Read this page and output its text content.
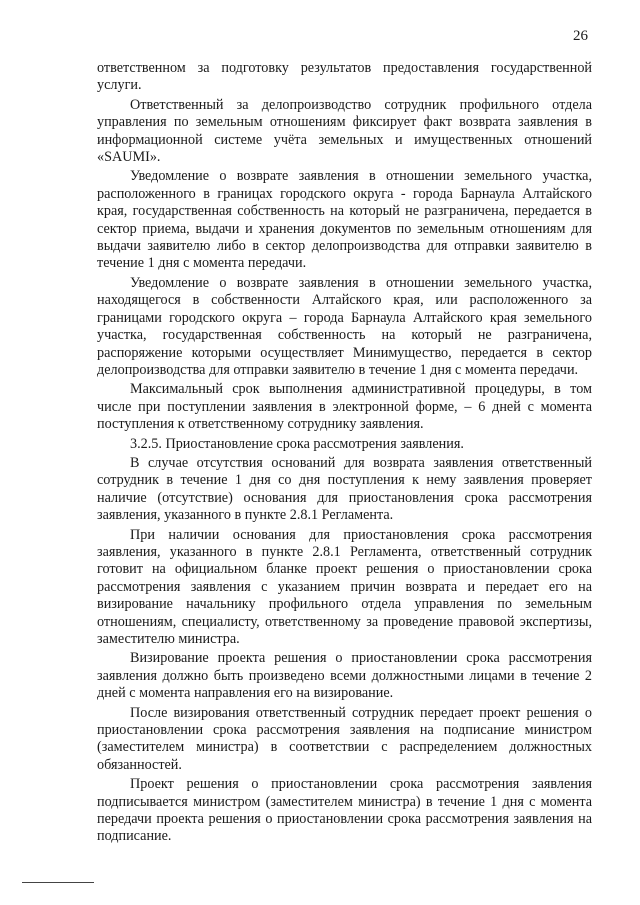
26

ответственном за подготовку результатов предоставления государственной услуги.

Ответственный за делопроизводство сотрудник профильного отдела управления по земельным отношениям фиксирует факт возврата заявления в информационной системе учёта земельных и имущественных отношений «SAUMI».

Уведомление о возврате заявления в отношении земельного участка, расположенного в границах городского округа - города Барнаула Алтайского края, государственная собственность на который не разграничена, передается в сектор приема, выдачи и хранения документов по земельным отношениям для выдачи заявителю либо в сектор делопроизводства для отправки заявителю в течение 1 дня с момента передачи.

Уведомление о возврате заявления в отношении земельного участка, находящегося в собственности Алтайского края, или расположенного за границами городского округа – города Барнаула Алтайского края земельного участка, государственная собственность на который не разграничена, распоряжение которыми осуществляет Минимущество, передается в сектор делопроизводства для отправки заявителю в течение 1 дня с момента передачи.

Максимальный срок выполнения административной процедуры, в том числе при поступлении заявления в электронной форме, – 6 дней с момента поступления к ответственному сотруднику заявления.

3.2.5. Приостановление срока рассмотрения заявления.

В случае отсутствия оснований для возврата заявления ответственный сотрудник в течение 1 дня со дня поступления к нему заявления проверяет наличие (отсутствие) основания для приостановления срока рассмотрения заявления, указанного в пункте 2.8.1 Регламента.

При наличии основания для приостановления срока рассмотрения заявления, указанного в пункте 2.8.1 Регламента, ответственный сотрудник готовит на официальном бланке проект решения о приостановлении срока рассмотрения заявления с указанием причин возврата и передает его на визирование начальнику профильного отдела управления по земельным отношениям, специалисту, ответственному за проведение правовой экспертизы, заместителю министра.

Визирование проекта решения о приостановлении срока рассмотрения заявления должно быть произведено всеми должностными лицами в течение 2 дней с момента направления его на визирование.

После визирования ответственный сотрудник передает проект решения о приостановлении срока рассмотрения заявления на подписание министром (заместителем министра) в соответствии с распределением должностных обязанностей.

Проект решения о приостановлении срока рассмотрения заявления подписывается министром (заместителем министра) в течение 1 дня с момента передачи проекта решения о приостановлении срока рассмотрения заявления на подписание.
